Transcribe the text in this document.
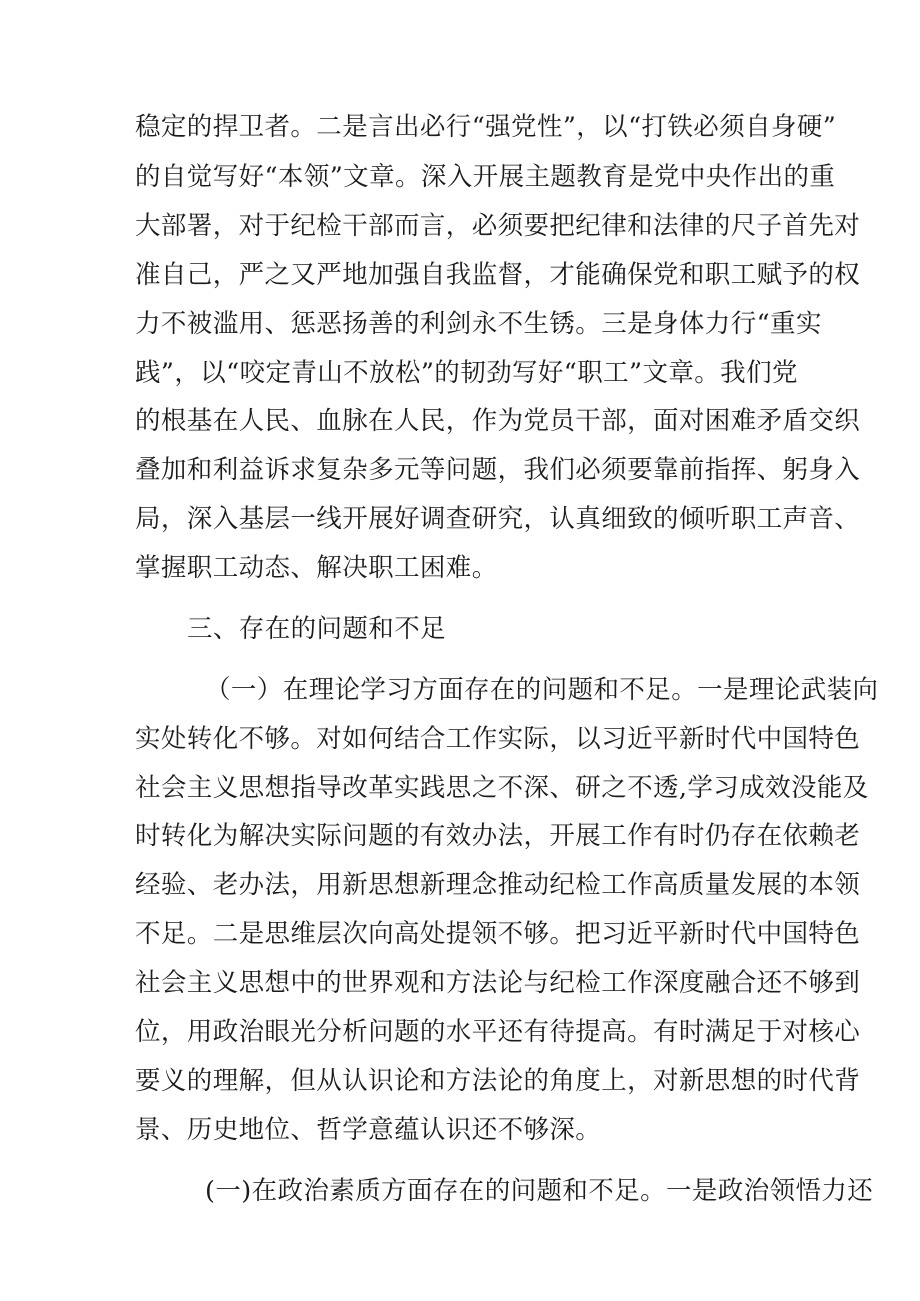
稳定的捍卫者。二是言出必行“强党性”，以“打铁必须自身硬”
的自觉写好“本领”文章。深入开展主题教育是党中央作出的重
大部署，对于纪检干部而言，必须要把纪律和法律的尺子首先对
准自己，严之又严地加强自我监督，才能确保党和职工赋予的权
力不被滥用、惩恶扬善的利剑永不生锈。三是身体力行“重实
践”，以“咬定青山不放松”的韧劲写好“职工”文章。我们党
的根基在人民、血脉在人民，作为党员干部，面对困难矛盾交织
叠加和利益诉求复杂多元等问题，我们必须要靠前指挥、躬身入
局，深入基层一线开展好调查研究，认真细致的倾听职工声音、
掌握职工动态、解决职工困难。
三、存在的问题和不足
（一）在理论学习方面存在的问题和不足。一是理论武装向
实处转化不够。对如何结合工作实际，以习近平新时代中国特色
社会主义思想指导改革实践思之不深、研之不透,学习成效没能及
时转化为解决实际问题的有效办法，开展工作有时仍存在依赖老
经验、老办法，用新思想新理念推动纪检工作高质量发展的本领
不足。二是思维层次向高处提领不够。把习近平新时代中国特色
社会主义思想中的世界观和方法论与纪检工作深度融合还不够到
位，用政治眼光分析问题的水平还有待提高。有时满足于对核心
要义的理解，但从认识论和方法论的角度上，对新思想的时代背
景、历史地位、哲学意蕴认识还不够深。
(一)在政治素质方面存在的问题和不足。一是政治领悟力还
